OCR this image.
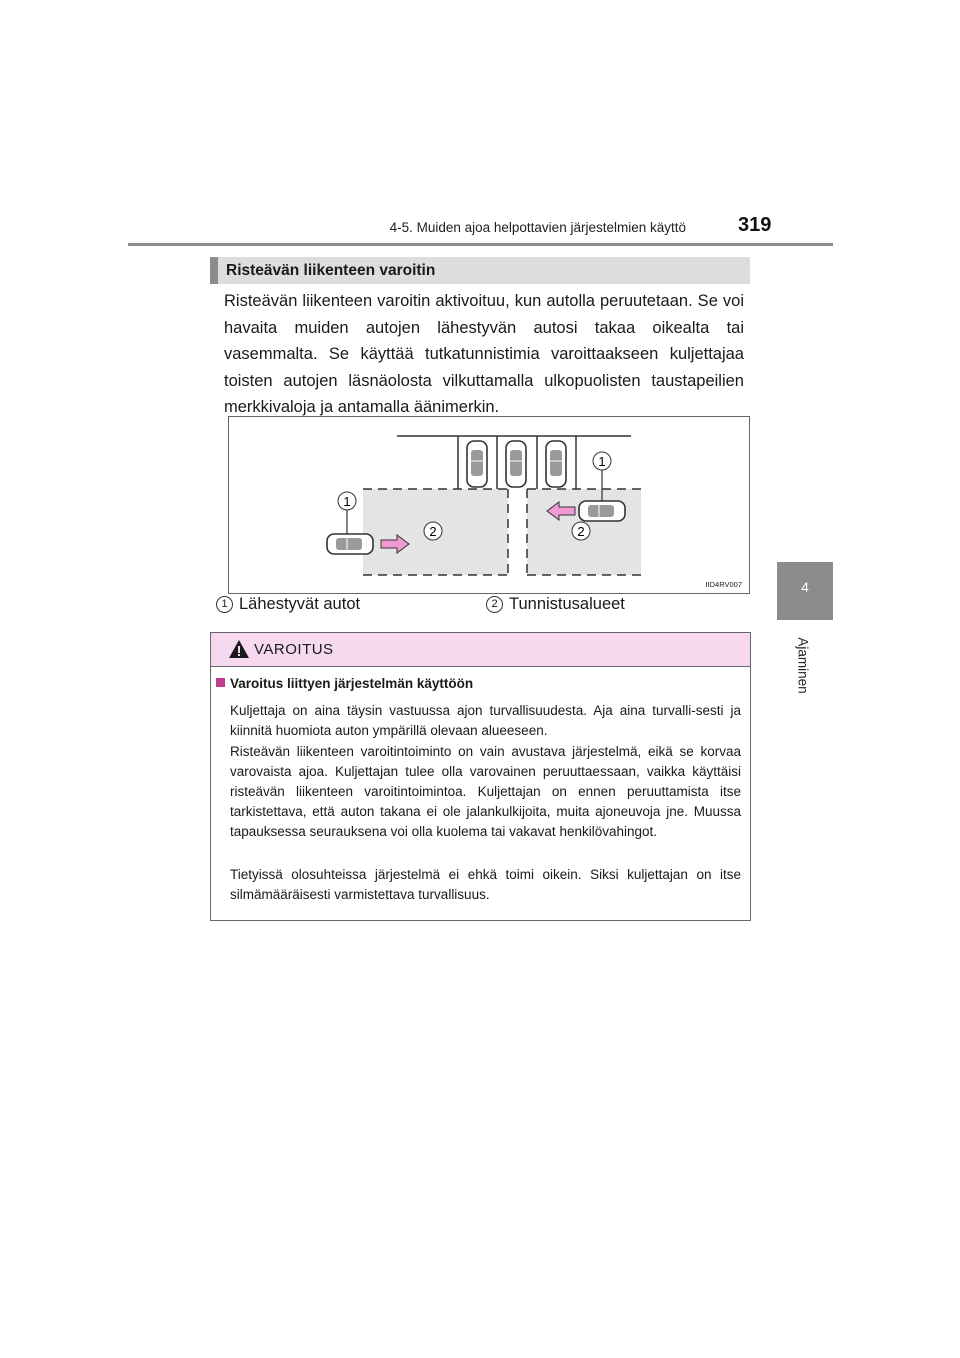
4-5. Muiden ajoa helpottavien järjestelmien käyttö	319
4
Ajaminen
Risteävän liikenteen varoitin
Risteävän liikenteen varoitin aktivoituu, kun autolla peruutetaan. Se voi havaita muiden autojen lähestyvän autosi takaa oikealta tai vasemmalta. Se käyttää tutkatunnistimia varoittaakseen kuljettajaa toisten autojen läsnäolosta vilkuttamalla ulkopuolisten taustapeilien merkkivaloja ja antamalla äänimerkin.
1
1
2	2
IID4RV007
1 Lähestyvät autot	2 Tunnistusalueet
VAROITUS
Varoitus liittyen järjestelmän käyttöön
Kuljettaja on aina täysin vastuussa ajon turvallisuudesta. Aja aina turvalli-sesti ja kiinnitä huomiota auton ympärillä olevaan alueeseen.
Risteävän liikenteen varoitintoiminto on vain avustava järjestelmä, eikä se korvaa varovaista ajoa. Kuljettajan tulee olla varovainen peruuttaessaan, vaikka käyttäisi risteävän liikenteen varoitintoimintoa. Kuljettajan on ennen peruuttamista itse tarkistettava, että auton takana ei ole jalankulkijoita, muita ajoneuvoja jne. Muussa tapauksessa seurauksena voi olla kuolema tai vakavat henkilövahingot.
Tietyissä olosuhteissa järjestelmä ei ehkä toimi oikein. Siksi kuljettajan on itse silmämääräisesti varmistettava turvallisuus.
